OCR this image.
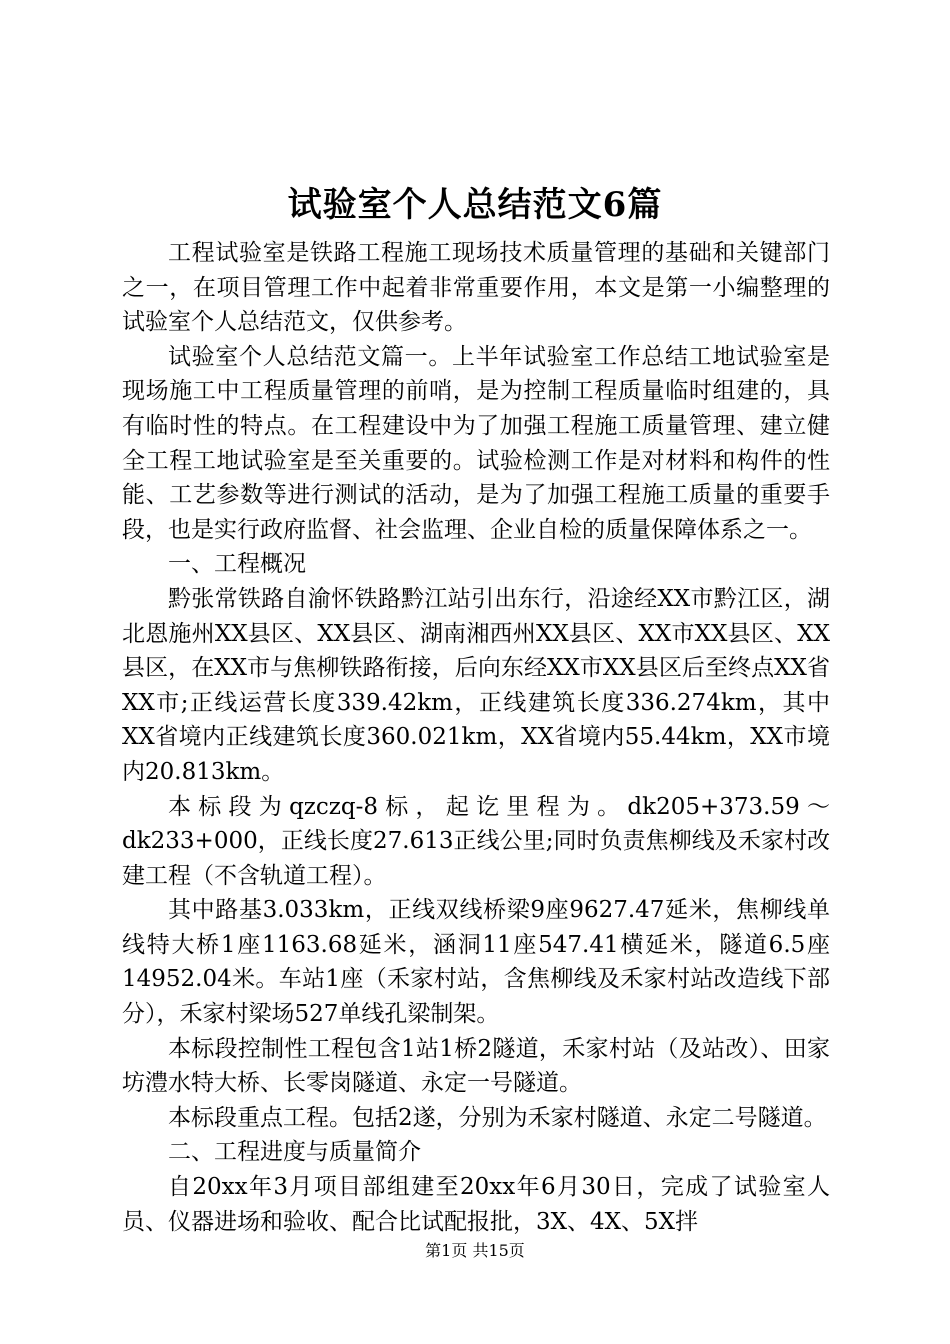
试验室个人总结范文6篇

工程试验室是铁路工程施工现场技术质量管理的基础和关键部门之一，在项目管理工作中起着非常重要作用，本文是第一小编整理的试验室个人总结范文，仅供参考。

试验室个人总结范文篇一。上半年试验室工作总结工地试验室是现场施工中工程质量管理的前哨，是为控制工程质量临时组建的，具有临时性的特点。在工程建设中为了加强工程施工质量管理、建立健全工程工地试验室是至关重要的。试验检测工作是对材料和构件的性能、工艺参数等进行测试的活动，是为了加强工程施工质量的重要手段，也是实行政府监督、社会监理、企业自检的质量保障体系之一。

一、工程概况

黔张常铁路自渝怀铁路黔江站引出东行，沿途经XX市黔江区，湖北恩施州XX县区、XX县区、湖南湘西州XX县区、XX市XX县区、XX县区，在XX市与焦柳铁路衔接，后向东经XX市XX县区后至终点XX省XX市;正线运营长度339.42km，正线建筑长度336.274km，其中XX省境内正线建筑长度360.021km，XX省境内55.44km，XX市境内20.813km。

本标段为qzczq-8标，起讫里程为。dk205+373.59～dk233+000，正线长度27.613正线公里;同时负责焦柳线及禾家村改建工程（不含轨道工程）。

其中路基3.033km，正线双线桥梁9座9627.47延米，焦柳线单线特大桥1座1163.68延米，涵洞11座547.41横延米，隧道6.5座14952.04米。车站1座（禾家村站，含焦柳线及禾家村站改造线下部分），禾家村梁场527单线孔梁制架。

本标段控制性工程包含1站1桥2隧道，禾家村站（及站改）、田家坊澧水特大桥、长零岗隧道、永定一号隧道。

本标段重点工程。包括2遂，分别为禾家村隧道、永定二号隧道。

二、工程进度与质量简介

自20xx年3月项目部组建至20xx年6月30日，完成了试验室人员、仪器进场和验收、配合比试配报批，3X、4X、5X拌

第1页 共15页
